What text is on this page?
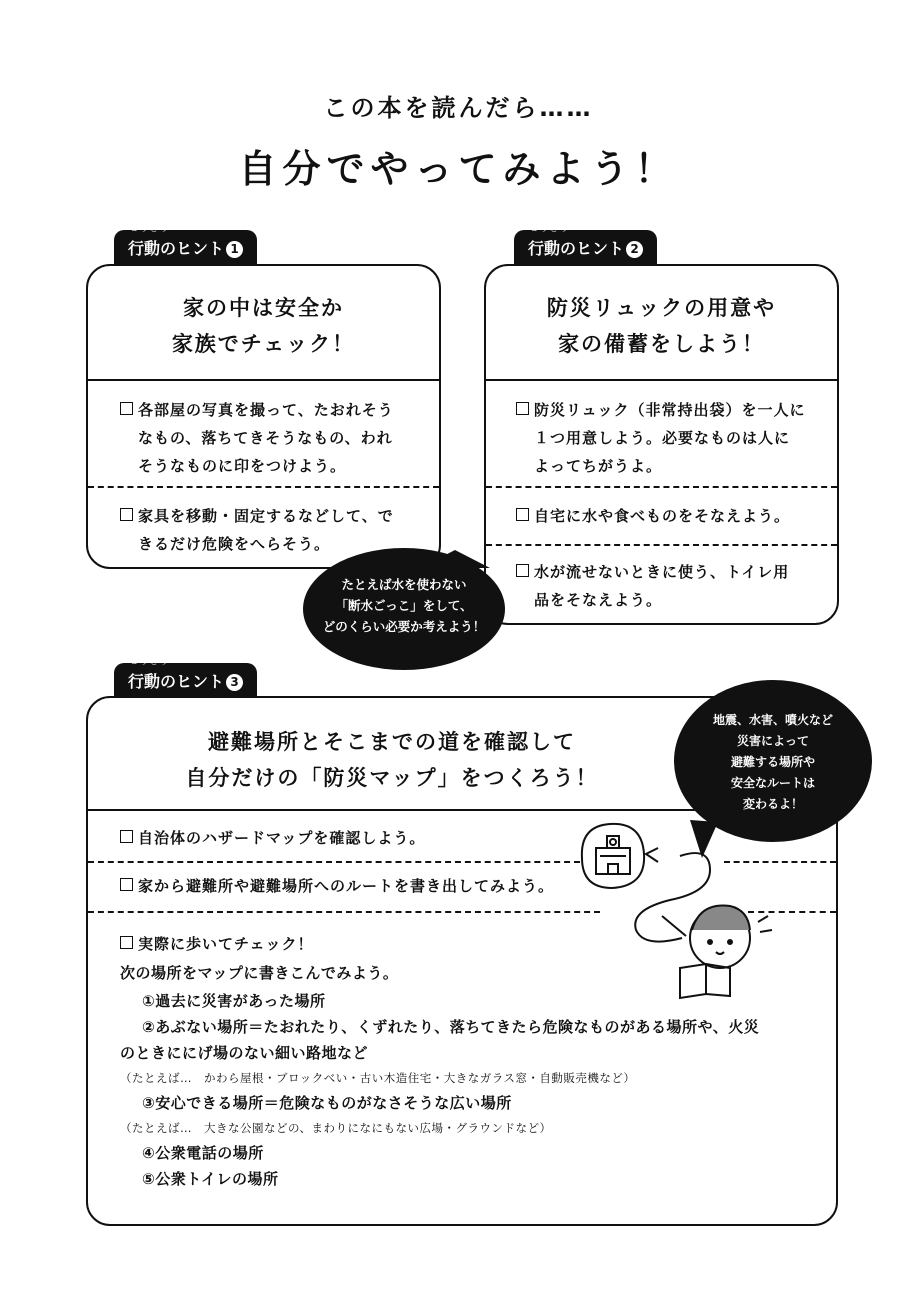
この本を読んだら……
自分でやってみよう！
こうどう
行動のヒント 1
家の中は安全か
家族でチェック！
各部屋の写真を撮って、たおれそう
なもの、落ちてきそうなもの、われ
そうなものに印をつけよう。
家具を移動・固定するなどして、で
きるだけ危険をへらそう。
こうどう
行動のヒント 2
防災リュックの用意や
家の備蓄をしよう！
防災リュック（非常持出袋）を一人に
１つ用意しよう。必要なものは人に
よってちがうよ。
自宅に水や食べものをそなえよう。
水が流せないときに使う、トイレ用
品をそなえよう。
たとえば水を使わない
「断水ごっこ」をして、
どのくらい必要か考えよう！
こうどう
行動のヒント 3
避難場所とそこまでの道を確認して
自分だけの「防災マップ」をつくろう！
自治体のハザードマップを確認しよう。
家から避難所や避難場所へのルートを書き出してみよう。
実際に歩いてチェック！
次の場所をマップに書きこんでみよう。
①過去に災害があった場所
②あぶない場所＝たおれたり、くずれたり、落ちてきたら危険なものがある場所や、火災
のときににげ場のない細い路地など
（たとえば…　かわら屋根・ブロックべい・古い木造住宅・大きなガラス窓・自動販売機など）
③安心できる場所＝危険なものがなさそうな広い場所
（たとえば…　大きな公園などの、まわりになにもない広場・グラウンドなど）
④公衆電話の場所
⑤公衆トイレの場所
地震、水害、噴火など
災害によって
避難する場所や
安全なルートは
変わるよ！
